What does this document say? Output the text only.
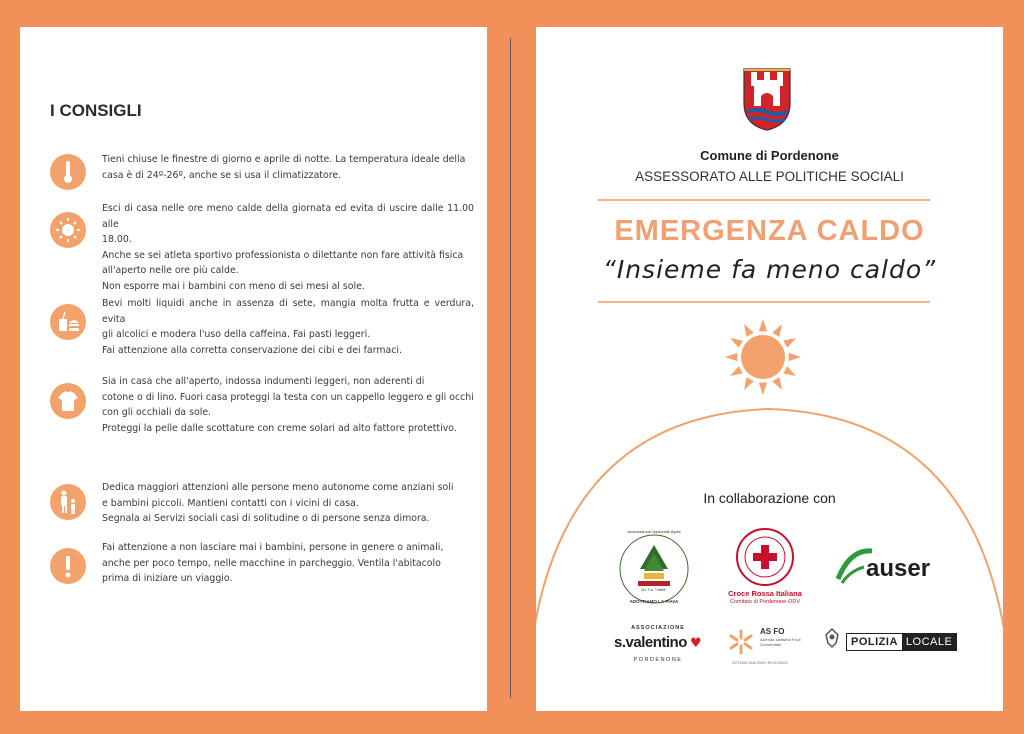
I CONSIGLI
Tieni chiuse le finestre di giorno e aprile di notte. La temperatura ideale della
casa è di 24º-26º, anche se si usa il climatizzatore.
Esci di casa nelle ore meno calde della giornata ed evita di uscire dalle 11.00 alle
18.00.
Anche se sei atleta sportivo professionista o dilettante non fare attività fisica
all'aperto nelle ore più calde.
Non esporre mai i bambini con meno di sei mesi al sole.
Bevi molti liquidi anche in assenza di sete, mangia molta frutta e verdura, evita
gli alcolici e modera l'uso della caffeina. Fai pasti leggeri.
Fai attenzione alla corretta conservazione dei cibi e dei farmaci.
Sia in casa che all'aperto, indossa indumenti leggeri, non aderenti di
cotone o di lino. Fuori casa proteggi la testa con un cappello leggero e gli occhi
con gli occhiali da sole.
Proteggi la pelle dalle scottature con creme solari ad alto fattore protettivo.
Dedica maggiori attenzioni alle persone meno autonome come anziani soli
e bambini piccoli. Mantieni contatti con i vicini di casa.
Segnala ai Servizi sociali casi di solitudine o di persone senza dimora.
Fai attenzione a non lasciare mai i bambini, persone in genere o animali,
anche per poco tempo, nelle macchine in parcheggio. Ventila l'abitacolo
prima di iniziare un viaggio.
Comune di Pordenone
ASSESSORATO ALLE POLITICHE SOCIALI
EMERGENZA CALDO
“Insieme fa meno caldo”
In collaborazione con
Associazione Nazionale Alpini
A.I.T.a. "Valet"
ADOTTIAMO LA PIAVA
Croce Rossa Italiana
Comitato di Pordenone-ODV
auser
ASSOCIAZIONE
s.valentino ♥
PORDENONE
AS FO
Azienda sanitaria Friuli Occidentale
SISTEMA SANITARIO REGIONALE
POLIZIA LOCALE
